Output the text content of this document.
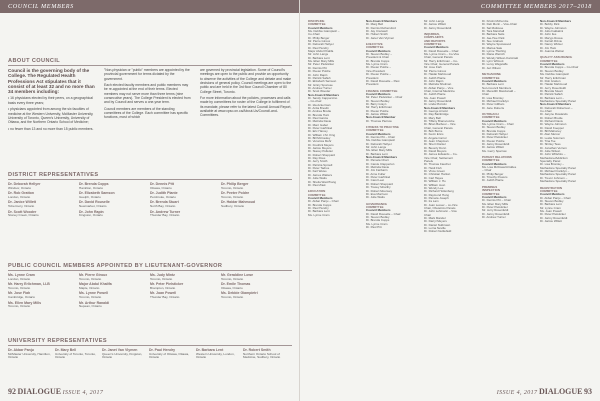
COUNCIL MEMBERS	COMMITTEE MEMBERS 2017–2018
ABOUT COUNCIL

Council is the governing body of the College. The Regulated Health Professions Act stipulates that it consist of at least 32 and no more than 34 members including:

• 16 physicians elected by their peers, on a geographical basis every three years;

• physicians appointed from among the six faculties of medicine at the Western University, McMaster University, University of Toronto, Queen's University, University of Ottawa, and the Northern Ontario School of Medicine;

• no fewer than 13 and no more than 15 public members.

"Non-physician or "public" members are appointed by the provincial government for terms dictated by the government.

Each elected faculty members and public members may be re-appointed at the end of their terms. Elected members may not serve more than three terms (nine consecutive years). The College President is elected from and by Council and serves a one-year term.

Council members are members of the standing committees of the College. Each committee has specific functions, most of which

are governed by provincial legislation. Some of Council's meetings are open to the public and provide an opportunity to observe the activities of the College and debate and make decisions of general policy. Council meetings are open to the public and are held in the 3rd floor Council Chamber of 80 College Street, Toronto.

For more information about the policies, processes and calls made by committees for roster of the College in fulfilment of its mandate, please refer to the latest Council Annual Report, available at www.cpso.on.ca/About-Us/Council-and-Committees.

DISTRICT REPRESENTATIVES
Dr. Deborah Hellyer
Windsor, Ontario
Dr. Brenda Copps
Hamilton, Ontario
Dr. Dennis Pitt
Ottawa, Ontario
Dr. Philip Berger
Toronto, Ontario
Dr. Rob Gratton
London, Ontario
Dr. Elizabeth Samson
Guelph, Ontario
Dr. Judith Plante
Pembroke, Ontario
Dr. Peeter Poldre
Toronto, Ontario
Dr. Janice Willett
Tobermory, Ontario
Dr. David Rouselle
Newmarket, Ontario
Dr. Brenda Stuart
North Bay, Ontario
Dr. Haidar Mahmoud
Sudbury, Ontario
Dr. Scott Wooder
Stoney Creek, Ontario
Dr. John Rapin
Kingston, Ontario
Dr. Andrew Turner
Thunder Bay, Ontario
PUBLIC COUNCIL MEMBERS APPOINTED BY LIEUTENANT-GOVERNOR
Ms. Lynne Cram
London, Ontario
Mr. Pierre Giroux
Toronto, Ontario
Ms. Judy Mintz
Toronto, Ontario
Mr. Geraldine Lowe
Toronto, Ontario
Mr. Harry Erlichman, LLB
Toronto, Ontario
Major Abdul Khalifa
Maple, Ontario
Mr. Peter Pielsticker
Brampton, Ontario
Dr. Emile Thomas
Ottawa, Ontario
Mr. Jose Fiah
Cambridge, Ontario
Ms. Lynne Powell
Toronto, Ontario
Mr. Joan Powell
Thunder Bay, Ontario
Ms. Debbie Giampietri
Toronto, Ontario
Ms. Ellen Mary Mills
Toronto, Ontario
Mr. Arthur Ranaldi
Nepean, Ontario
UNIVERSITY REPRESENTATIVES
Dr. Akbar Panju
McMaster University, Hamilton, Ontario
Dr. Mary Bell
University of Toronto, Toronto, Ontario
Dr. Janet Van Vlymen
Queen's University, Kingston, Ontario
Dr. Paul Hendry
University of Ottawa, Ottawa, Ontario
Dr. Barbara Lent
Western University, London, Ontario
Dr. Robert Smith
Northern Ontario School of Medicine, Sudbury, Ontario
DISCIPLINE
COMMITTEE
Council Members
Ms. Debbie Giampietri –
Co-Chair
Dr. Philip Berger
Mr. Pierre Giroux
Dr. Deborah Hellyer
Dr. Paul Hendry
Major Abdul Khalifa
Mr. John Langs
Dr. Barbara Lent
Ms. Ellen Mary Mills
Mr. Peter Pielsticker
Dr. Dennis Pitt
Dr. Peeter Poldre
Dr. John Rapin
Dr. Patrick Safieh
Dr. Elizabeth Samson
Mr. Ginny Sponsse
Dr. Andrew Turner
Dr. Scott Wooder
Non-Council Members
Dr. Sandy Cappuccino
– Co-chair
Dr. Ida Ackerman
Dr. Anita Breslin
Dr. Andrea Brodie
Dr. Brenda Hunt
Dr. Paul Garcia
Dr. Melinda Davie
Dr. Marc Gabel
Dr. Peter Garfinkel
Dr. Eric Harvey
Dr. William J.M. King
Dr. Bill McCauley
Dr. Veronica Mohr
Dr. Fredrick Meyers
Dr. Janice Meyers
Dr. Stacey Pelletier
Dr. Robert Sheppard
Dr. Ray Ross
Dr. Jerry Smith
Dr. Patricia Sproull
Dr. Peter Tadros
Dr. Karl Weiss
Dr. James Watters
Dr. Julie Watts
Dr. Sheila Wai-Phang
Dr. Paul Zitek
EDUCATION
COMMITTEE
Council Members
Dr. Akbar Panju – Chair
Dr. Brenda Copps
Dr. Paul Hendry
Dr. Barbara Lent
Ms. Lynne Cram
Non-Council Members
Dr. Marg Bell
Dr. Dennis Ruthersford
Dr. Jay Cranwell
Dr. Hubert Smith
Dr. Janet Van Vlymen
EXECUTIVE
COMMITTEE
Council Members
Dr. Steven Bodley –
President & Chair
Dr. Brenda Copps
Ms. Lynne Cram
Dr. Peeter Poldre –
Vice-President
Dr. Peeter Poldre –
President
Dr. David Rouselle – Past
President
FINANCE COMMITTEE
Council Members
Mr. Peter Pielsticker – Chair
Dr. Steven Bodley
Dr. Barry Grayn
Mr. Harry Erlichman
Dr. Peeter Poldre
Dr. Janice Willett
Non-Council Member
Dr. Thomas Pietrow
FITNESS TO PRACTISE
COMMITTEE
Council Members
Dr. Dennis Pitt – Chair
Ms. Debbie Giampietri
Dr. Deborah Hellyer
Mr. John Langs
Ms. Ellen Mary Mills
Dr. Barbara Lent
Non-Council Members
Dr. Pamela Chart
Dr. Carole Clapperton
Dr. Melinda Davie
Dr. Jim Fairbairn
Dr. Anne Fuller
Dr. Peter Garfinkel
Dr. Carol Leet
Dr. Robert Sheppard
Dr. Tracey Mcarthy
Dr. Robert Mounsey
Dr. Eva Morrison
Dr. Julie Watts
GOVERNANCE
COMMITTEE
Council Members
Dr. David Rouselle – Chair
Dr. Steven Bodley
Dr. Brenda Copps
Ms. Lynne Cram
Dr. Paul Pitt
Mr. John Langs
Dr. Janice Willett
Dr. Janny Rosenfeldt
INQUIRIES,
COMPLAINTS
AND REPORTS
COMMITTEE
Council Members
Dr. David Rouselle – Chair
Ms. Lynne Cram – Co-Vice
Chair, General Panels
Mr. Harry Erlichman – Co-
Vice Chair, General Panels
Mr. Jose Fiah
Mr. Pierre Giroux
Dr. Haidar Mahmoud
Dr. Judith Plante
Dr. John Rapin
Dr. Melinda Shulman
Dr. Akbar Panju – Vice
Chair, Internal Medicine
Dr. Judith Plante
Ms. Joan Powell
Dr. Janny Rosenfeldt
Dr. Linda Pivnicki
Non-Council Members
Dr. George Arnold
Dr. Ray Bainbridge
Dr. Mary Bell
Dr. Tiffany Branscombe
Dr. Brian Barbour – Vice
Chair, General Panels
Dr. Bob Burns
Dr. Kevin Enns
Dr. Angela Carrol
Dr. Jean Chapman
Dr. Sherri Daniel
Dr. Beverly Dunn
Dr. David Meyers
Dr. James Edwards – Co-
Vice Chair, Settlement
Panels
Dr. Thomas Fauchet
Dr. Heidi Fish
Dr. Vince Green
Dr. Christian Hanlon
Dr. Carl Hayes
Dr. William J. Ho
Dr. William Jeon
Dr. Wendy Lee
Dr. Richard Hollenberg
Dr. Raymond Hung
Dr. Pamela Joseph
Dr. Ira Lam
Dr. Joan Lesser – co-Vice
Chair, Obstetrics Panels
Dr. John Lehmann – Vice
Chair
Dr. Mark Mandel
Dr. Darryl Meyers
Dr. Daniel Nutbrown
Dr. Lorna Neville
Dr. Robert Nettlefield
Dr. Kristin McKenzie
Dr. Deb Morin – Vice-Chair
Dr. Sal Mulicuse
Dr. Tara Marshall
Dr. Barbara Nelis
Dr. Jae-Hee Park
Dr. Sue Graham
Dr. Wayne Spotswood
Dr. Marisa Sale
Dr. Lynne Thurling
Dr. Diane Weirich
Dr. Wendy Wilson-Kaminski
Dr. Lynn Wilmott
Dr. Leroy Wagstaffe
Dr. Jeri Wilson
METHADONE
COMMITTEE
Council Members
Dr. Barbara Lent
Non-Council Members
Dr. Meredith Macdonald –
Chair
Dr. Lisa Bromley
Dr. Michael Franklyn
Dr. Peter Gillham
Dr. Jane Roberts
OUTREACH
COMMITTEE
Council Members
Ms. Lynne Cram – Chair
Dr. Steven Bodley
Dr. Brenda Copps
Dr. Deborah Hellyer
Dr. Peter Pielsticker
Dr. Peeter Poldre
Dr. Janny Rosenfeldt
Dr. Janice Willett
Ms. Gerry Sparrow
PATIENT RELATIONS
COMMITTEE
Council Members
Ms. Lisa McDowell-Fiddes
– Chair
Dr. Philip Berger
Dr. Timothy Powers
Dr. Judith Plante
PREMISES
INSPECTION
COMMITTEE
Council Members
Dr. Dennis Pitt – Chair
Ms. Ellen Mary Mills
Dr. Peter Pielsticker
Mr. Jerry Rosenfeldt
Dr. Janny Rosenfeldt
Dr. Andrew Turner
Non-Council Members
Dr. Bobby Rick
Dr. Wayne Johnston
Dr. Julio Fakkalmi
Dr. John Iles
Dr. Maryjo Rossa
Dr. Farrah Rizvie
Dr. Nancy Wicker
Dr. Jim Ham
Dr. Joanna Welton
QUALITY ASSURANCE
COMMITTEE
Council Members
Dr. Brenda Copps – Co-Chair
Dr. Steven Bodley
Ms. Debbie Giampietri
Mr. Harry Erlichman
Dr. Rob Gratton
Dr. Haidar Mahmoud
Dr. Jerry Rosenfeldt
Dr. Brenda Stuart
Dr. Patrick Safieh
Dr. Barbara Lent –
Methadone Specialty Panel
Non-Council Members
Dr. Deborah Robertson –
Co-Chair
Dr. Janyne Rowlands
Dr. Robert Brodie
Dr. Richard Davis
Dr. Wayne Johnston
Dr. David Koeppel
Dr. Bill Mahoney
Dr. Alan Mercer
Dr. Leslie Solomon
Dr. Tina Tse
Dr. Shirley Tsao
Dr. Jonathan Vernon
Dr. Julie Wilson
Dr. John Wiltshire –
Methadone/Addiction
Specialty Panel
Dr. Lisa Bromley –
Methadone Specialty Panel
Dr. Michael Franklyn –
Methadone Specialty Panel
Dr. Trevor Johnson –
Methadone Specialty Panel
REGISTRATION
COMMITTEE
Council Members
Dr. Akbar Panju – Chair
Dr. Steven Bodley
Dr. Barbara Lent
Mr. Lynne Cram
Ms. Joan Powell
Dr. Peter Pielsticker
Dr. Janny Rosenfeldt
Dr. Janice Willett
92 DIALOGUE ISSUE 4, 2017	ISSUE 4, 2017 DIALOGUE 93
